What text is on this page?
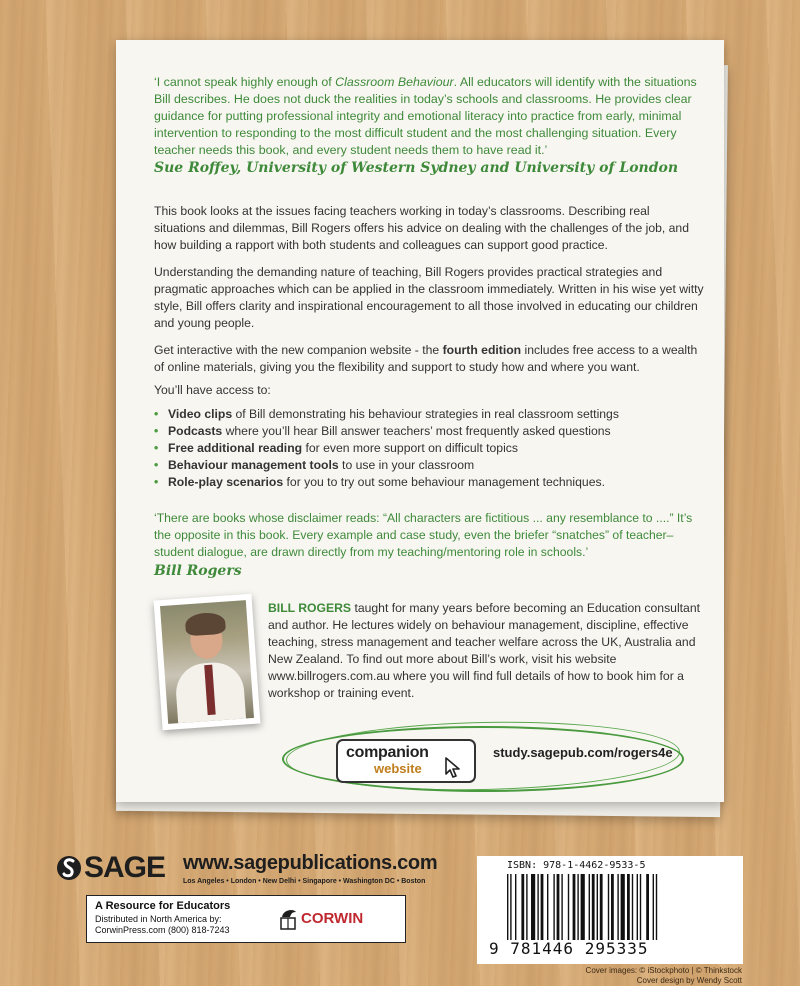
‘I cannot speak highly enough of Classroom Behaviour. All educators will identify with the situations Bill describes. He does not duck the realities in today’s schools and classrooms. He provides clear guidance for putting professional integrity and emotional literacy into practice from early, minimal intervention to responding to the most difficult student and the most challenging situation. Every teacher needs this book, and every student needs them to have read it.’
Sue Roffey, University of Western Sydney and University of London
This book looks at the issues facing teachers working in today’s classrooms. Describing real situations and dilemmas, Bill Rogers offers his advice on dealing with the challenges of the job, and how building a rapport with both students and colleagues can support good practice.
Understanding the demanding nature of teaching, Bill Rogers provides practical strategies and pragmatic approaches which can be applied in the classroom immediately. Written in his wise yet witty style, Bill offers clarity and inspirational encouragement to all those involved in educating our children and young people.
Get interactive with the new companion website - the fourth edition includes free access to a wealth of online materials, giving you the flexibility and support to study how and where you want.
You’ll have access to:
• Video clips of Bill demonstrating his behaviour strategies in real classroom settings
• Podcasts where you’ll hear Bill answer teachers’ most frequently asked questions
• Free additional reading for even more support on difficult topics
• Behaviour management tools to use in your classroom
• Role-play scenarios for you to try out some behaviour management techniques.
‘There are books whose disclaimer reads: “All characters are fictitious ... any resemblance to ....” It’s the opposite in this book. Every example and case study, even the briefer “snatches” of teacher–student dialogue, are drawn directly from my teaching/mentoring role in schools.’
Bill Rogers
BILL ROGERS taught for many years before becoming an Education consultant and author. He lectures widely on behaviour management, discipline, effective teaching, stress management and teacher welfare across the UK, Australia and New Zealand. To find out more about Bill’s work, visit his website www.billrogers.com.au where you will find full details of how to book him for a workshop or training event.
companion
website
study.sagepub.com/rogers4e
SAGE www.sagepublications.com
Los Angeles • London • New Delhi • Singapore • Washington DC • Boston
A Resource for Educators
Distributed in North America by:
CorwinPress.com (800) 818-7243
CORWIN
ISBN: 978-1-4462-9533-5
9 781446 295335
Cover images: © iStockphoto | © Thinkstock
Cover design by Wendy Scott
